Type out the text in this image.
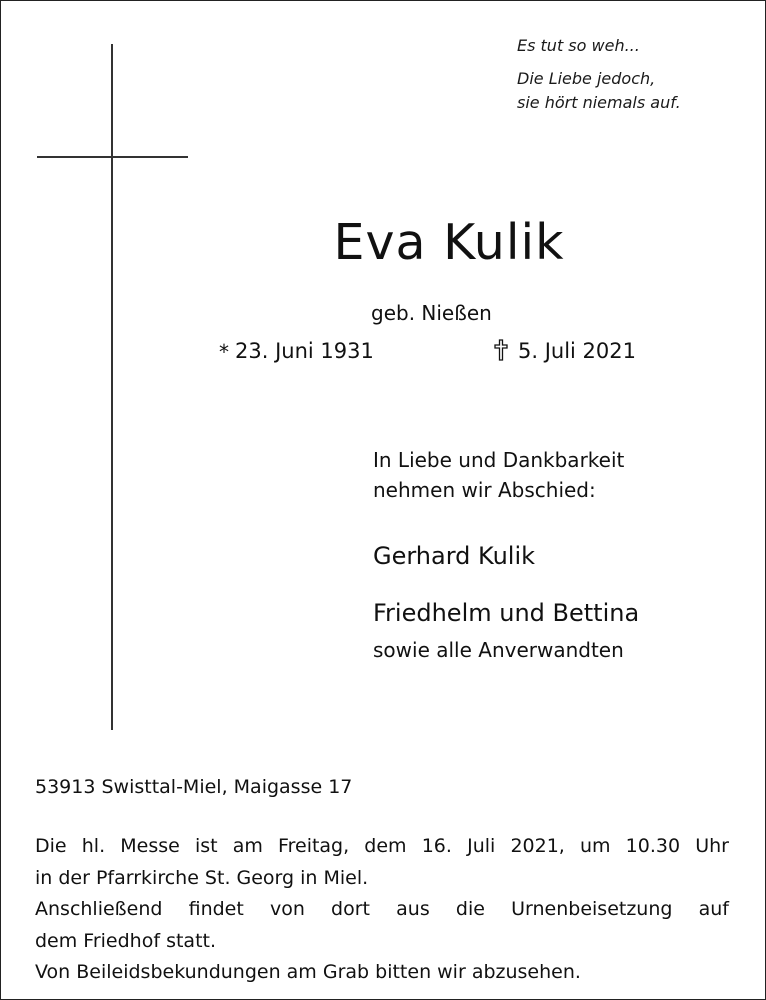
Es tut so weh...
Die Liebe jedoch,
sie hört niemals auf.
Eva Kulik
geb. Nießen
* 23. Juni 1931	5. Juli 2021
In Liebe und Dankbarkeit
nehmen wir Abschied:
Gerhard Kulik
Friedhelm und Bettina
sowie alle Anverwandten
53913 Swisttal-Miel, Maigasse 17
Die hl. Messe ist am Freitag, dem 16. Juli 2021, um 10.30 Uhr
in der Pfarrkirche St. Georg in Miel.
Anschließend findet von dort aus die Urnenbeisetzung auf
dem Friedhof statt.
Von Beileidsbekundungen am Grab bitten wir abzusehen.
